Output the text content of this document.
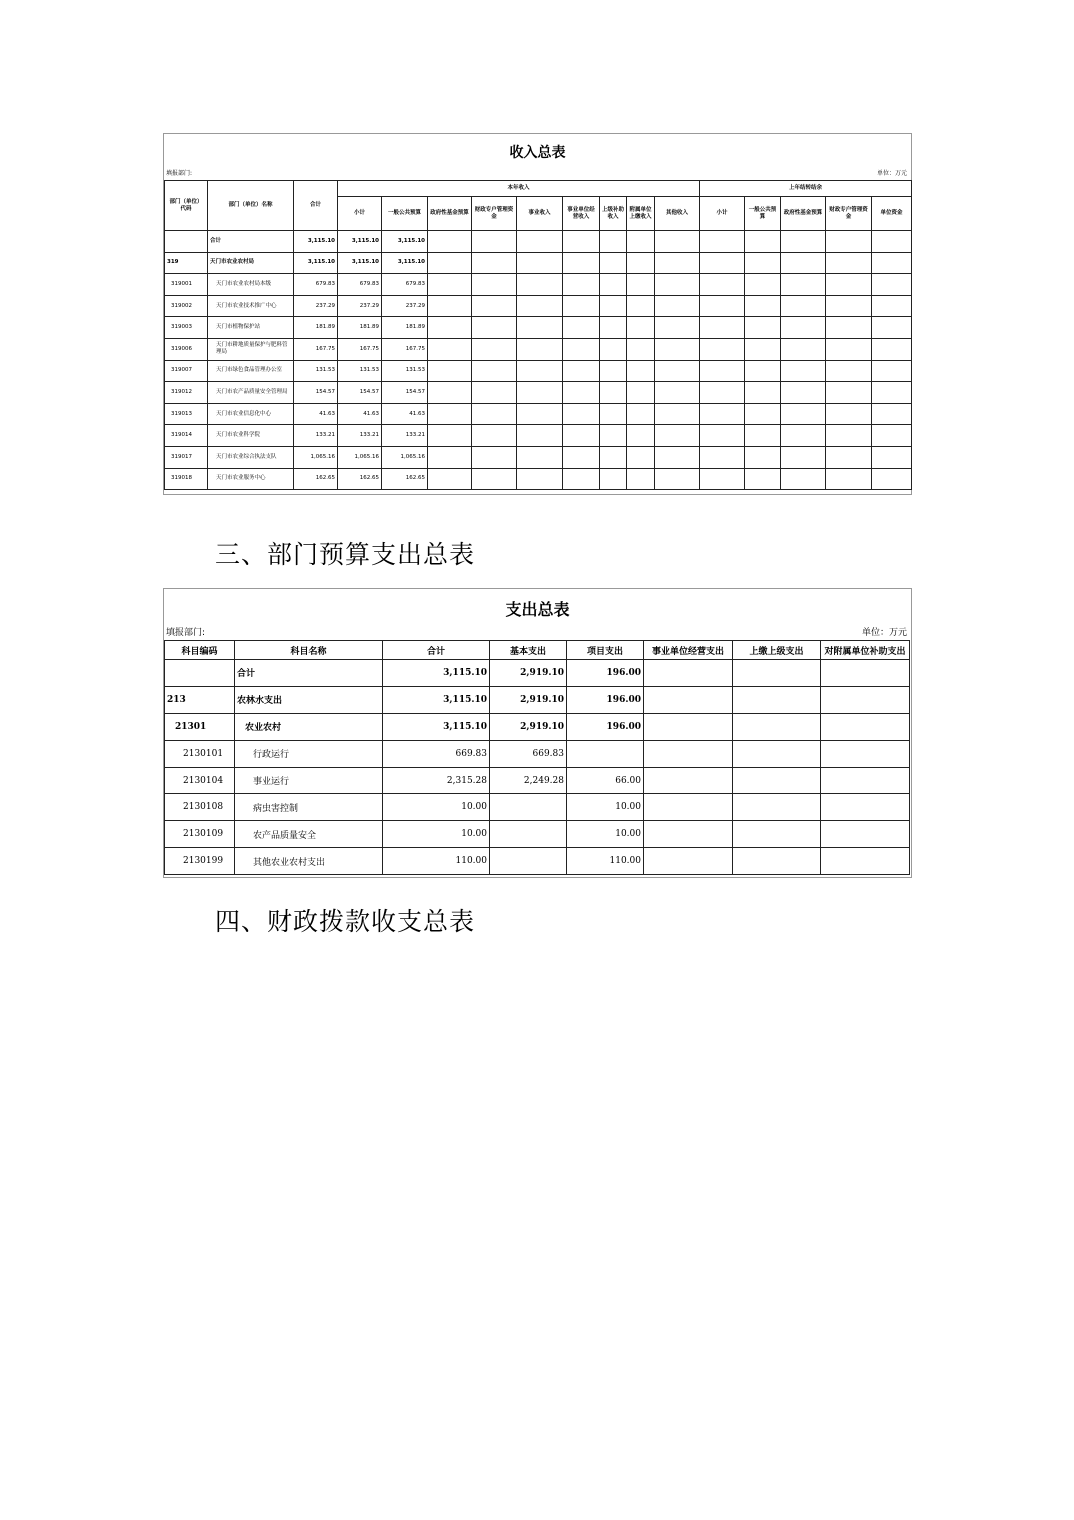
收入总表
填报部门:	单位：万元
部门（单位）代码	部门（单位）名称	合计	本年收入									上年结转结余				
			小计	一般公共预算	政府性基金预算	财政专户管理资金	事业收入	事业单位经营收入	上级补助收入	附属单位上缴收入	其他收入	小计	一般公共预算	政府性基金预算	财政专户管理资金	单位资金
	合计	3,115.10	3,115.10	3,115.10												
319	天门市农业农村局	3,115.10	3,115.10	3,115.10												
319001	天门市农业农村局本级	679.83	679.83	679.83												
319002	天门市农业技术推广中心	237.29	237.29	237.29												
319003	天门市植物保护站	181.89	181.89	181.89												
319006	天门市耕地质量保护与肥料管理局	167.75	167.75	167.75												
319007	天门市绿色食品管理办公室	131.53	131.53	131.53												
319012	天门市农产品质量安全管理局	154.57	154.57	154.57												
319013	天门市农业信息化中心	41.63	41.63	41.63												
319014	天门市农业科学院	133.21	133.21	133.21												
319017	天门市农业综合执法支队	1,065.16	1,065.16	1,065.16												
319018	天门市农业服务中心	162.65	162.65	162.65												
三、部门预算支出总表
支出总表
填报部门:	单位：万元
科目编码	科目名称	合计	基本支出	项目支出	事业单位经营支出	上缴上级支出	对附属单位补助支出
	合计	3,115.10	2,919.10	196.00			
213	农林水支出	3,115.10	2,919.10	196.00			
21301	农业农村	3,115.10	2,919.10	196.00			
2130101	行政运行	669.83	669.83				
2130104	事业运行	2,315.28	2,249.28	66.00			
2130108	病虫害控制	10.00		10.00			
2130109	农产品质量安全	10.00		10.00			
2130199	其他农业农村支出	110.00		110.00			
四、财政拨款收支总表
